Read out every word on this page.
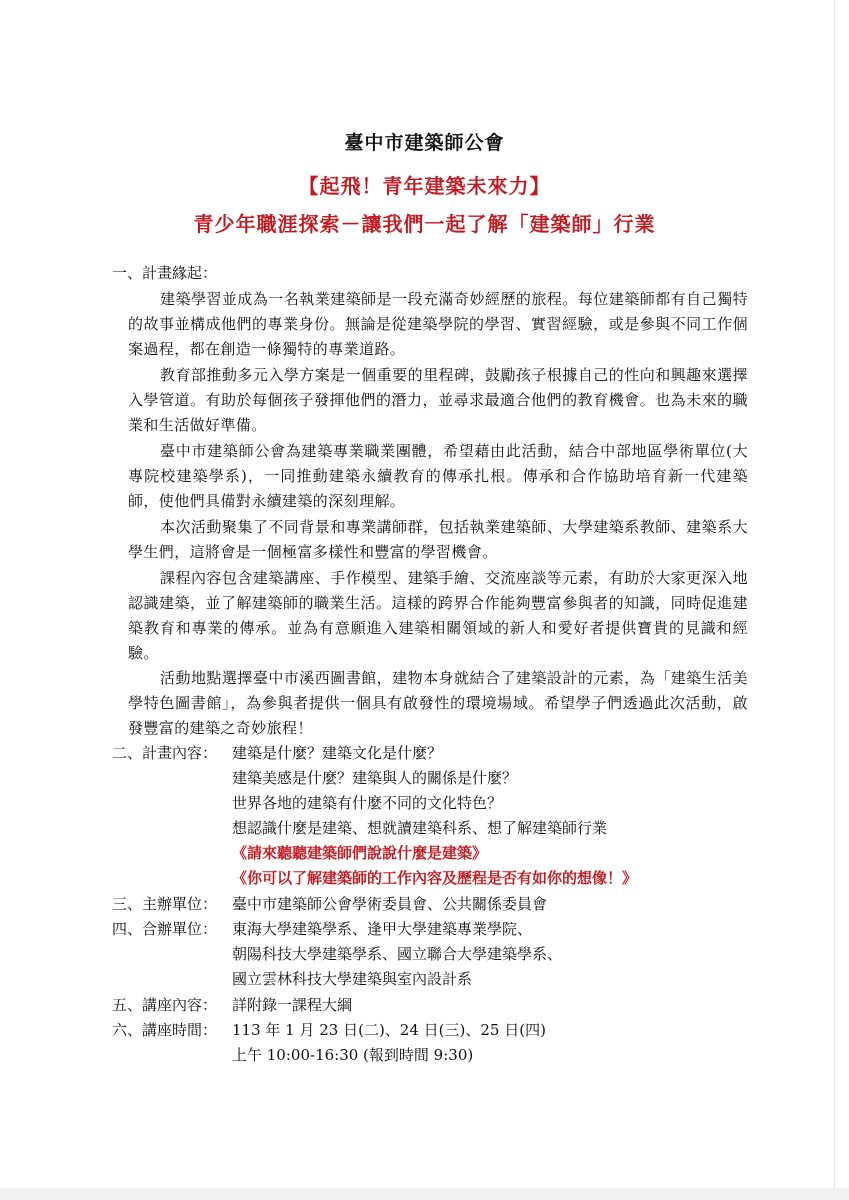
臺中市建築師公會
【起飛！青年建築未來力】
青少年職涯探索－讓我們一起了解「建築師」行業
一、計畫緣起：

建築學習並成為一名執業建築師是一段充滿奇妙經歷的旅程。每位建築師都有自己獨特的故事並構成他們的專業身份。無論是從建築學院的學習、實習經驗，或是參與不同工作個案過程，都在創造一條獨特的專業道路。

教育部推動多元入學方案是一個重要的里程碑，鼓勵孩子根據自己的性向和興趣來選擇入學管道。有助於每個孩子發揮他們的潛力，並尋求最適合他們的教育機會。也為未來的職業和生活做好準備。

臺中市建築師公會為建築專業職業團體，希望藉由此活動，結合中部地區學術單位(大專院校建築學系)，一同推動建築永續教育的傳承扎根。傳承和合作協助培育新一代建築師，使他們具備對永續建築的深刻理解。

本次活動聚集了不同背景和專業講師群，包括執業建築師、大學建築系教師、建築系大學生們，這將會是一個極富多樣性和豐富的學習機會。

課程內容包含建築講座、手作模型、建築手繪、交流座談等元素，有助於大家更深入地認識建築，並了解建築師的職業生活。這樣的跨界合作能夠豐富參與者的知識，同時促進建築教育和專業的傳承。並為有意願進入建築相關領域的新人和愛好者提供寶貴的見識和經驗。

活動地點選擇臺中市溪西圖書館，建物本身就結合了建築設計的元素，為「建築生活美學特色圖書館」，為參與者提供一個具有啟發性的環境場域。希望學子們透過此次活動，啟發豐富的建築之奇妙旅程！

二、計畫內容： 建築是什麼？建築文化是什麼？
建築美感是什麼？建築與人的關係是什麼？
世界各地的建築有什麼不同的文化特色？
想認識什麼是建築、想就讀建築科系、想了解建築師行業
《請來聽聽建築師們說說什麼是建築》
《你可以了解建築師的工作內容及歷程是否有如你的想像！》
三、主辦單位： 臺中市建築師公會學術委員會、公共關係委員會
四、合辦單位： 東海大學建築學系、逢甲大學建築專業學院、
朝陽科技大學建築學系、國立聯合大學建築學系、
國立雲林科技大學建築與室內設計系
五、講座內容： 詳附錄一課程大綱
六、講座時間： 113 年 1 月 23 日(二)、24 日(三)、25 日(四)
上午 10:00-16:30 (報到時間 9:30)
